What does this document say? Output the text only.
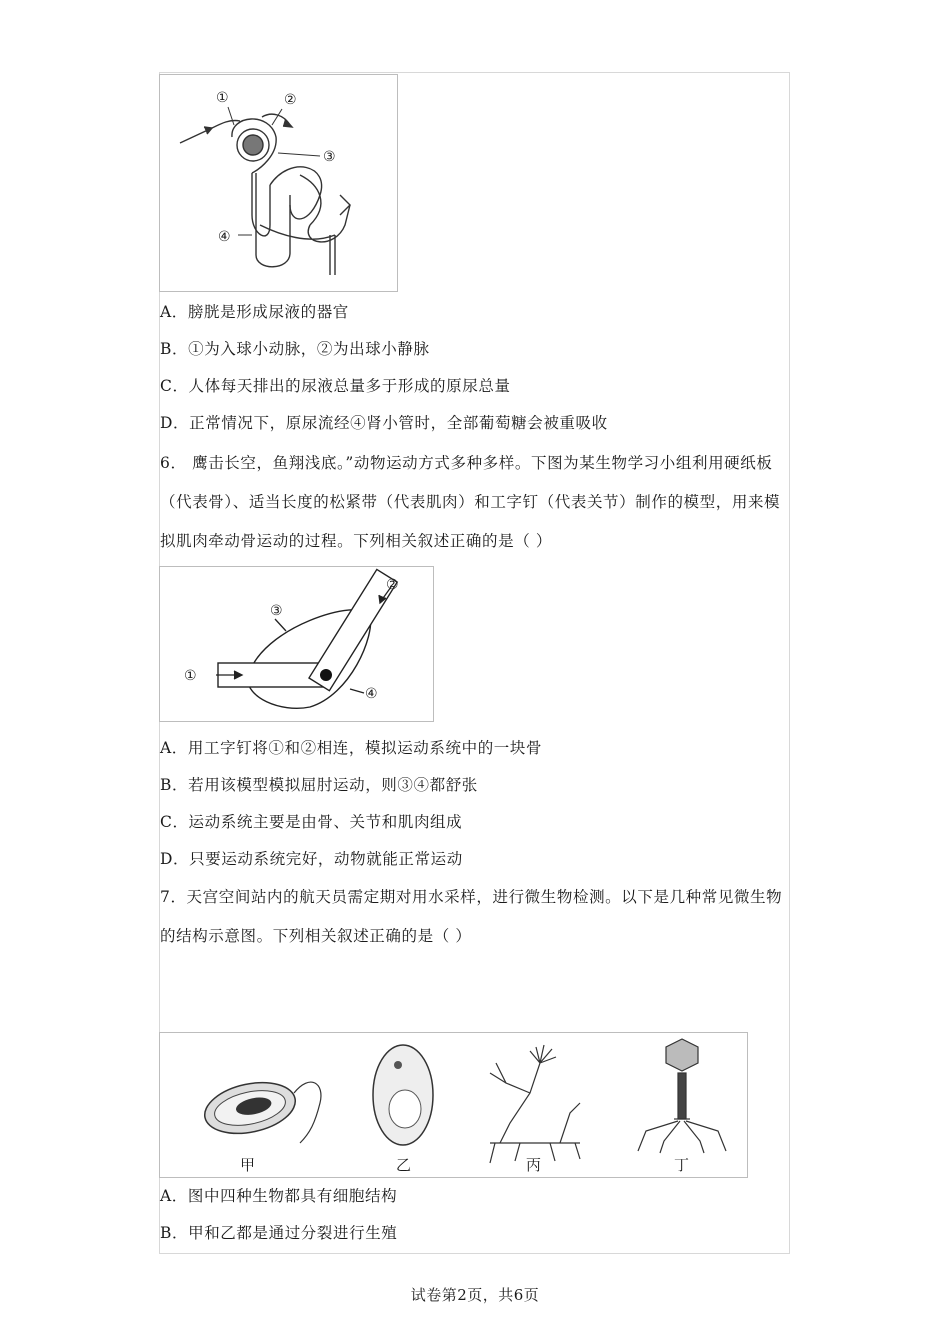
①	②
③
④
A．膀胱是形成尿液的器官
B．①为入球小动脉，②为出球小静脉
C．人体每天排出的尿液总量多于形成的原尿总量
D．正常情况下，原尿流经④肾小管时，全部葡萄糖会被重吸收
6． 鹰击长空，鱼翔浅底。”动物运动方式多种多样。下图为某生物学习小组利用硬纸板（代表骨）、适当长度的松紧带（代表肌肉）和工字钉（代表关节）制作的模型，用来模拟肌肉牵动骨运动的过程。下列相关叙述正确的是（ ）
①
②
③
④
A．用工字钉将①和②相连，模拟运动系统中的一块骨
B．若用该模型模拟屈肘运动，则③④都舒张
C．运动系统主要是由骨、关节和肌肉组成
D．只要运动系统完好，动物就能正常运动
7．天宫空间站内的航天员需定期对用水采样，进行微生物检测。以下是几种常见微生物的结构示意图。下列相关叙述正确的是（ ）
甲	乙	丙	丁
A．图中四种生物都具有细胞结构
B．甲和乙都是通过分裂进行生殖
试卷第2页，共6页
